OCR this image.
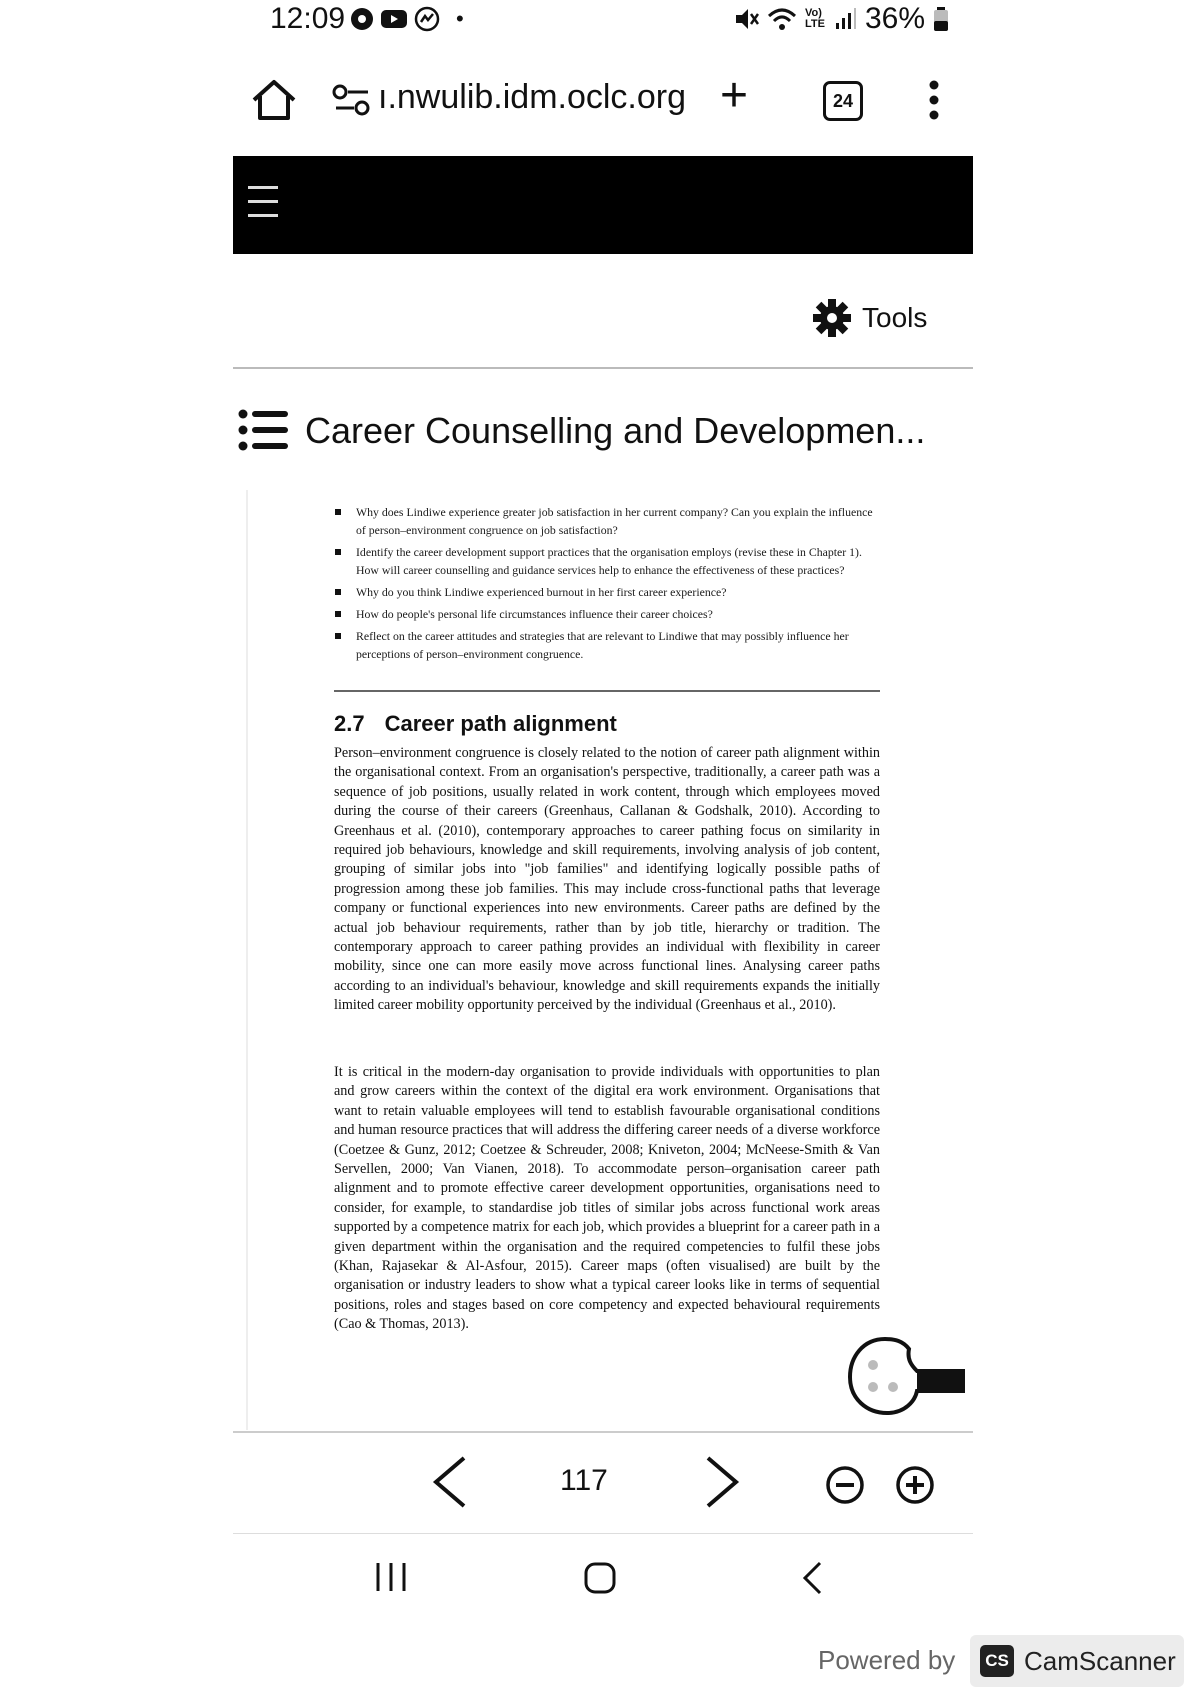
12:09	•	Vo) LTE 36%
ı.nwulib.idm.oclc.org +	24
Tools
Career Counselling and Developmen...
Why does Lindiwe experience greater job satisfaction in her current company? Can you explain the influence of person–environment congruence on job satisfaction?
Identify the career development support practices that the organisation employs (revise these in Chapter 1). How will career counselling and guidance services help to enhance the effectiveness of these practices?
Why do you think Lindiwe experienced burnout in her first career experience?
How do people's personal life circumstances influence their career choices?
Reflect on the career attitudes and strategies that are relevant to Lindiwe that may possibly influence her perceptions of person–environment congruence.
2.7 Career path alignment
Person–environment congruence is closely related to the notion of career path alignment within the organisational context. From an organisation's perspective, traditionally, a career path was a sequence of job positions, usually related in work content, through which employees moved during the course of their careers (Greenhaus, Callanan & Godshalk, 2010). According to Greenhaus et al. (2010), contemporary approaches to career pathing focus on similarity in required job behaviours, knowledge and skill requirements, involving analysis of job content, grouping of similar jobs into "job families" and identifying logically possible paths of progression among these job families. This may include cross-functional paths that leverage company or functional experiences into new environments. Career paths are defined by the actual job behaviour requirements, rather than by job title, hierarchy or tradition. The contemporary approach to career pathing provides an individual with flexibility in career mobility, since one can more easily move across functional lines. Analysing career paths according to an individual's behaviour, knowledge and skill requirements expands the initially limited career mobility opportunity perceived by the individual (Greenhaus et al., 2010).
It is critical in the modern-day organisation to provide individuals with opportunities to plan and grow careers within the context of the digital era work environment. Organisations that want to retain valuable employees will tend to establish favourable organisational conditions and human resource practices that will address the differing career needs of a diverse workforce (Coetzee & Gunz, 2012; Coetzee & Schreuder, 2008; Kniveton, 2004; McNeese-Smith & Van Servellen, 2000; Van Vianen, 2018). To accommodate person–organisation career path alignment and to promote effective career development opportunities, organisations need to consider, for example, to standardise job titles of similar jobs across functional work areas supported by a competence matrix for each job, which provides a blueprint for a career path in a given department within the organisation and the required competencies to fulfil these jobs (Khan, Rajasekar & Al-Asfour, 2015). Career maps (often visualised) are built by the organisation or industry leaders to show what a typical career looks like in terms of sequential positions, roles and stages based on core competency and expected behavioural requirements (Cao & Thomas, 2013).
117
Powered by	CS CamScanner
